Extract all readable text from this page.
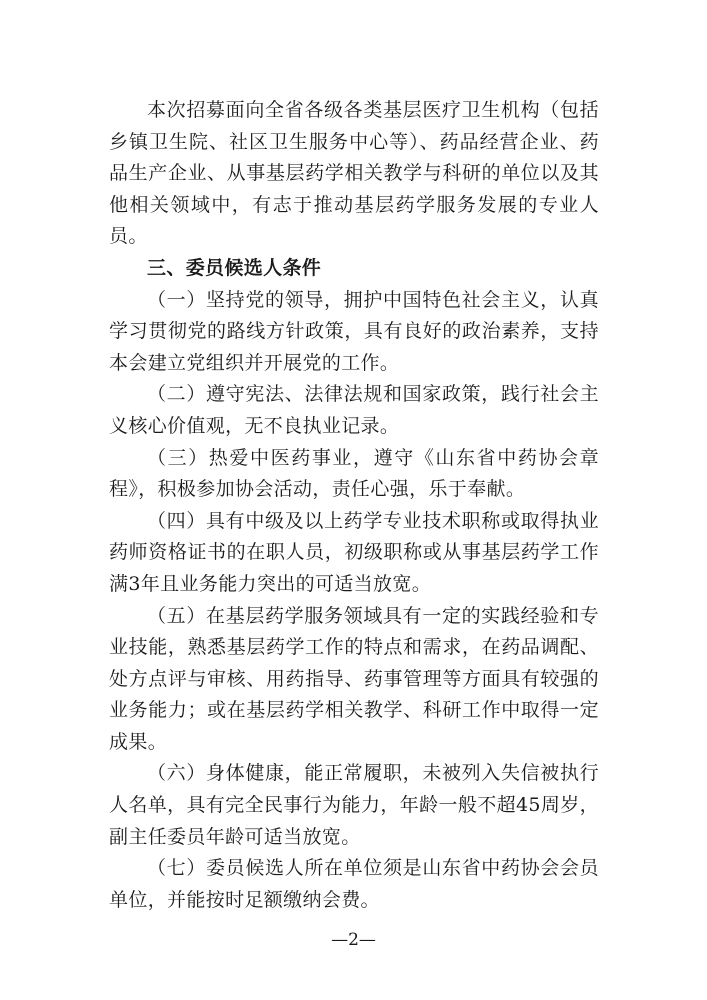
本次招募面向全省各级各类基层医疗卫生机构（包括乡镇卫生院、社区卫生服务中心等）、药品经营企业、药品生产企业、从事基层药学相关教学与科研的单位以及其他相关领域中，有志于推动基层药学服务发展的专业人员。

三、委员候选人条件

（一）坚持党的领导，拥护中国特色社会主义，认真学习贯彻党的路线方针政策，具有良好的政治素养，支持本会建立党组织并开展党的工作。

（二）遵守宪法、法律法规和国家政策，践行社会主义核心价值观，无不良执业记录。

（三）热爱中医药事业，遵守《山东省中药协会章程》，积极参加协会活动，责任心强，乐于奉献。

（四）具有中级及以上药学专业技术职称或取得执业药师资格证书的在职人员，初级职称或从事基层药学工作满3年且业务能力突出的可适当放宽。

（五）在基层药学服务领域具有一定的实践经验和专业技能，熟悉基层药学工作的特点和需求，在药品调配、处方点评与审核、用药指导、药事管理等方面具有较强的业务能力；或在基层药学相关教学、科研工作中取得一定成果。

（六）身体健康，能正常履职，未被列入失信被执行人名单，具有完全民事行为能力，年龄一般不超45周岁，副主任委员年龄可适当放宽。

（七）委员候选人所在单位须是山东省中药协会会员单位，并能按时足额缴纳会费。

—2—
